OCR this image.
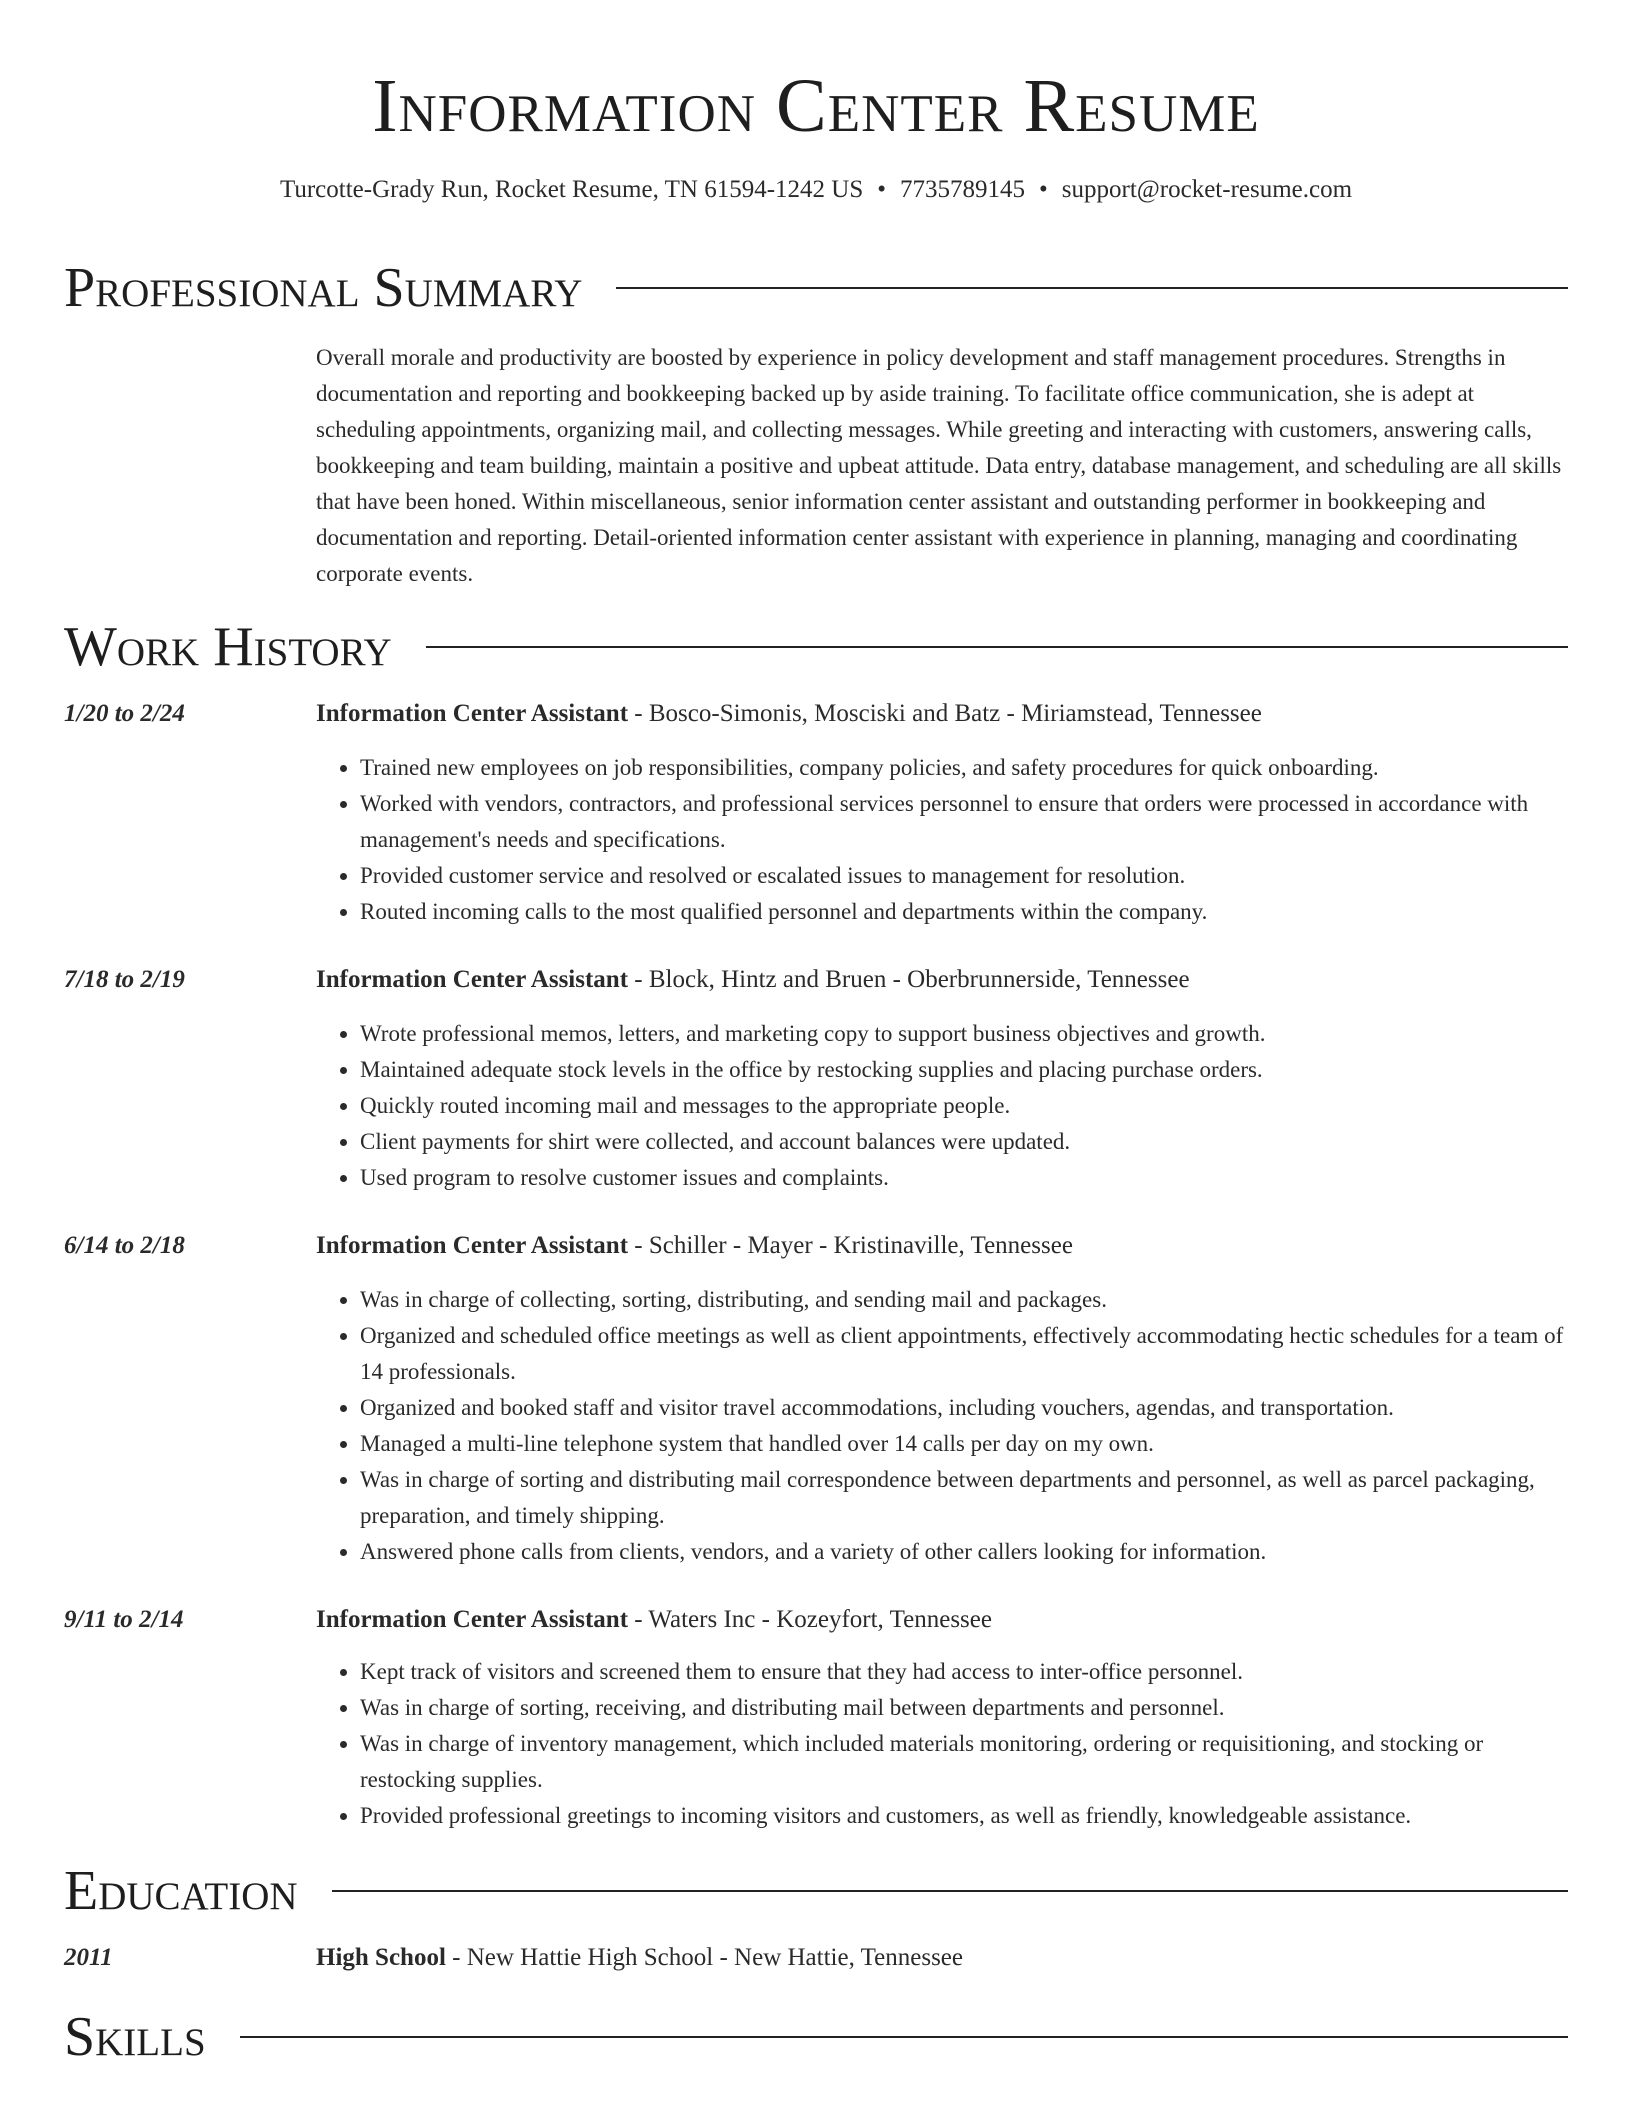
Information Center Resume
Turcotte-Grady Run, Rocket Resume, TN 61594-1242 US • 7735789145 • support@rocket-resume.com
Professional Summary
Overall morale and productivity are boosted by experience in policy development and staff management procedures. Strengths in documentation and reporting and bookkeeping backed up by aside training. To facilitate office communication, she is adept at scheduling appointments, organizing mail, and collecting messages. While greeting and interacting with customers, answering calls, bookkeeping and team building, maintain a positive and upbeat attitude. Data entry, database management, and scheduling are all skills that have been honed. Within miscellaneous, senior information center assistant and outstanding performer in bookkeeping and documentation and reporting. Detail-oriented information center assistant with experience in planning, managing and coordinating corporate events.
Work History
1/20 to 2/24	Information Center Assistant - Bosco-Simonis, Mosciski and Batz - Miriamstead, Tennessee
• Trained new employees on job responsibilities, company policies, and safety procedures for quick onboarding.
• Worked with vendors, contractors, and professional services personnel to ensure that orders were processed in accordance with management's needs and specifications.
• Provided customer service and resolved or escalated issues to management for resolution.
• Routed incoming calls to the most qualified personnel and departments within the company.
7/18 to 2/19	Information Center Assistant - Block, Hintz and Bruen - Oberbrunnerside, Tennessee
• Wrote professional memos, letters, and marketing copy to support business objectives and growth.
• Maintained adequate stock levels in the office by restocking supplies and placing purchase orders.
• Quickly routed incoming mail and messages to the appropriate people.
• Client payments for shirt were collected, and account balances were updated.
• Used program to resolve customer issues and complaints.
6/14 to 2/18	Information Center Assistant - Schiller - Mayer - Kristinaville, Tennessee
• Was in charge of collecting, sorting, distributing, and sending mail and packages.
• Organized and scheduled office meetings as well as client appointments, effectively accommodating hectic schedules for a team of 14 professionals.
• Organized and booked staff and visitor travel accommodations, including vouchers, agendas, and transportation.
• Managed a multi-line telephone system that handled over 14 calls per day on my own.
• Was in charge of sorting and distributing mail correspondence between departments and personnel, as well as parcel packaging, preparation, and timely shipping.
• Answered phone calls from clients, vendors, and a variety of other callers looking for information.
9/11 to 2/14	Information Center Assistant - Waters Inc - Kozeyfort, Tennessee
• Kept track of visitors and screened them to ensure that they had access to inter-office personnel.
• Was in charge of sorting, receiving, and distributing mail between departments and personnel.
• Was in charge of inventory management, which included materials monitoring, ordering or requisitioning, and stocking or restocking supplies.
• Provided professional greetings to incoming visitors and customers, as well as friendly, knowledgeable assistance.
Education
2011	High School - New Hattie High School - New Hattie, Tennessee
Skills
